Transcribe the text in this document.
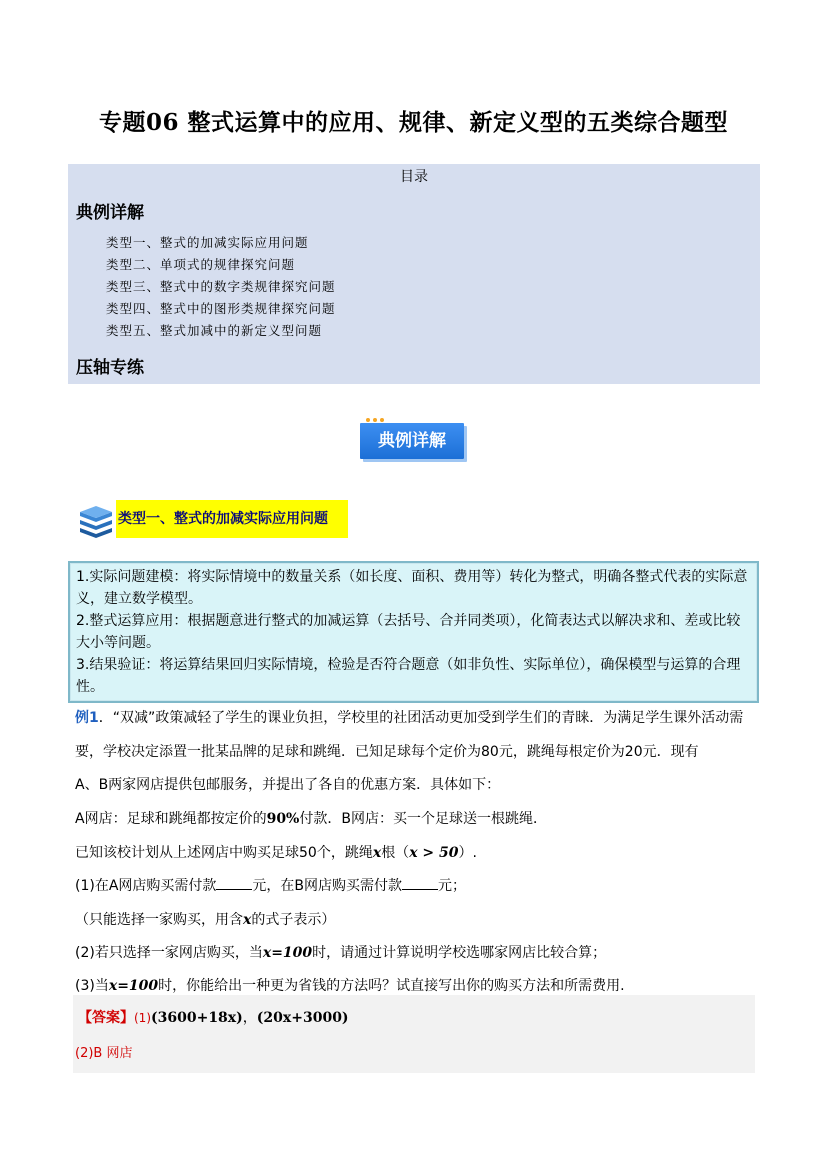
专题06 整式运算中的应用、规律、新定义型的五类综合题型
目录
典例详解
类型一、整式的加减实际应用问题
类型二、单项式的规律探究问题
类型三、整式中的数字类规律探究问题
类型四、整式中的图形类规律探究问题
类型五、整式加减中的新定义型问题
压轴专练
典例详解
类型一、整式的加减实际应用问题

1.实际问题建模：将实际情境中的数量关系（如长度、面积、费用等）转化为整式，明确各整式代表的实际意义，建立数学模型。

2.整式运算应用：根据题意进行整式的加减运算（去括号、合并同类项），化简表达式以解决求和、差或比较大小等问题。

3.结果验证：将运算结果回归实际情境，检验是否符合题意（如非负性、实际单位），确保模型与运算的合理性。

例1．“双减”政策减轻了学生的课业负担，学校里的社团活动更加受到学生们的青睐．为满足学生课外活动需要，学校决定添置一批某品牌的足球和跳绳．已知足球每个定价为80元，跳绳每根定价为20元．现有
A、B两家网店提供包邮服务，并提出了各自的优惠方案．具体如下：
A网店：足球和跳绳都按定价的90%付款．B网店：买一个足球送一根跳绳．
已知该校计划从上述网店中购买足球50个，跳绳x根（x > 50）.
(1)在A网店购买需付款	元，在B网店购买需付款	元；
（只能选择一家购买，用含x的式子表示）
(2)若只选择一家网店购买，当x=100时，请通过计算说明学校选哪家网店比较合算；
(3)当x=100时，你能给出一种更为省钱的方法吗？试直接写出你的购买方法和所需费用.
【答案】(1)(3600+18x)，(20x+3000)
(2)B 网店
